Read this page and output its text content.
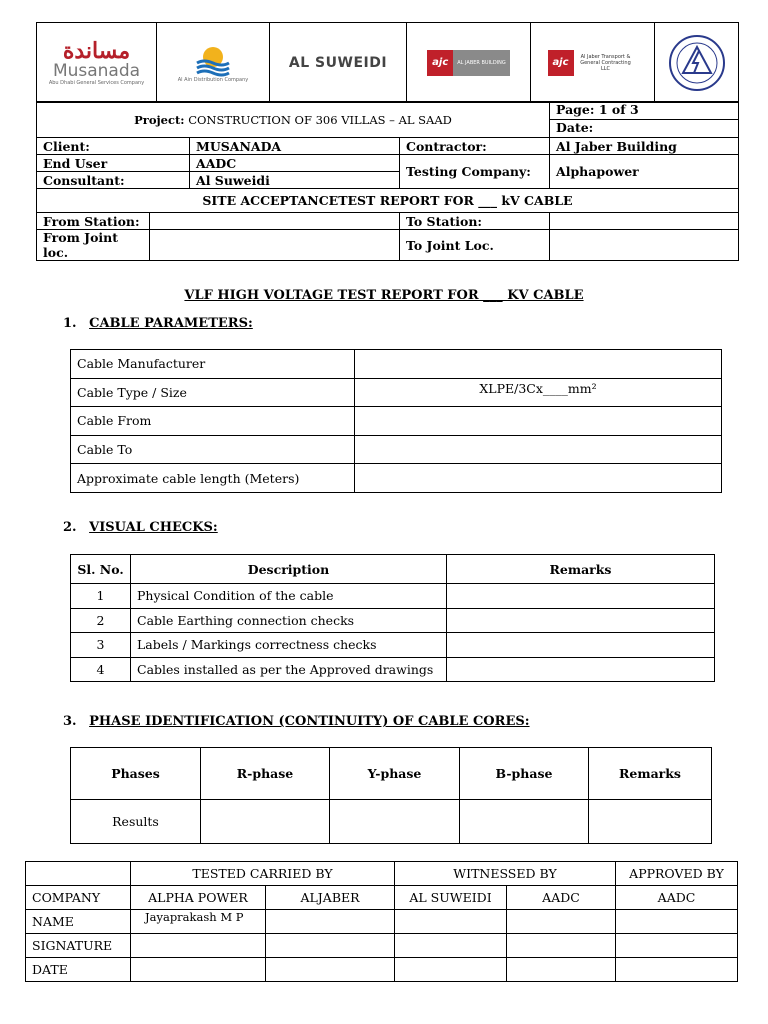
مساندة
Musanada
Abu Dhabi General Services Company	Al Ain Distribution Company

AL SUWEIDI	ajc	AL JABER BUILDING	ajc
Al Jaber Transport & General Contracting LLC

Project: CONSTRUCTION OF 306 VILLAS – AL SAAD				Page: 1 of 3
Date:

Client:		MUSANADA	Contractor:	Al Jaber Building
End User		AADC	Testing Company:	Alphapower
Consultant:		Al Suweidi		
SITE ACCEPTANCETEST REPORT FOR ___ kV CABLE				
From Station:			To Station:	
From Joint loc.			To Joint Loc.	
VLF HIGH VOLTAGE TEST REPORT FOR ___ KV CABLE
1. CABLE PARAMETERS:
Cable Manufacturer	
Cable Type / Size	XLPE/3Cx____mm²
Cable From	
Cable To	
Approximate cable length (Meters)	
2. VISUAL CHECKS:
Sl. No.	Description	Remarks
1	Physical Condition of the cable	
2	Cable Earthing connection checks	
3	Labels / Markings correctness checks	
4	Cables installed as per the Approved drawings	
3. PHASE IDENTIFICATION (CONTINUITY) OF CABLE CORES:
Phases	R-phase	Y-phase	B-phase	Remarks
Results				
	TESTED CARRIED BY		WITNESSED BY		APPROVED BY
COMPANY	ALPHA POWER	ALJABER	AL SUWEIDI	AADC	AADC
NAME	Jayaprakash M P				
SIGNATURE					
DATE					
